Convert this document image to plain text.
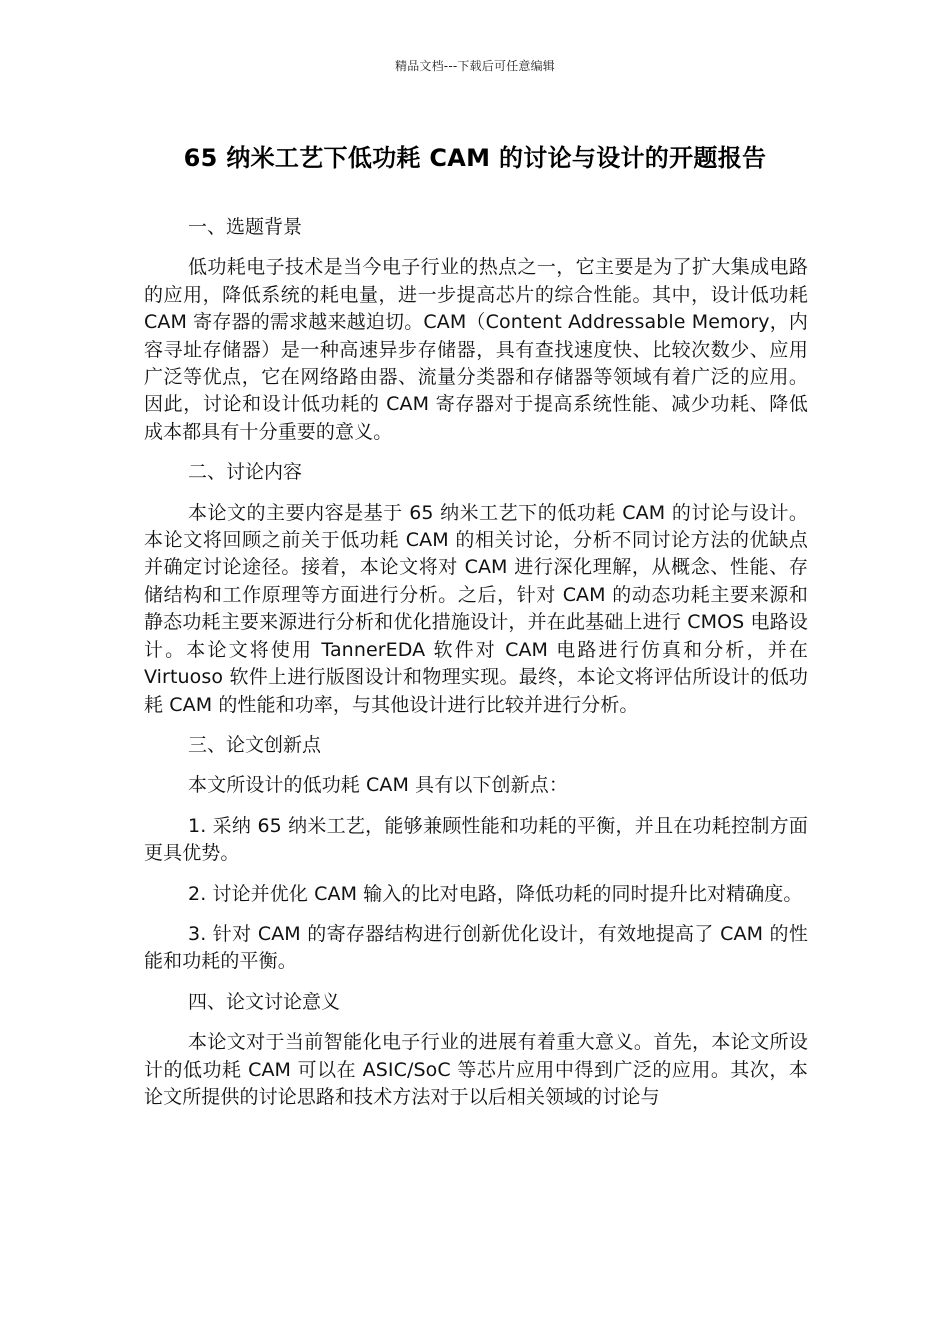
精品文档---下载后可任意编辑
65 纳米工艺下低功耗 CAM 的讨论与设计的开题报告

一、选题背景

低功耗电子技术是当今电子行业的热点之一，它主要是为了扩大集成电路的应用，降低系统的耗电量，进一步提高芯片的综合性能。其中，设计低功耗 CAM 寄存器的需求越来越迫切。CAM（Content Addressable Memory，内容寻址存储器）是一种高速异步存储器，具有查找速度快、比较次数少、应用广泛等优点，它在网络路由器、流量分类器和存储器等领域有着广泛的应用。因此，讨论和设计低功耗的 CAM 寄存器对于提高系统性能、减少功耗、降低成本都具有十分重要的意义。

二、讨论内容

本论文的主要内容是基于 65 纳米工艺下的低功耗 CAM 的讨论与设计。本论文将回顾之前关于低功耗 CAM 的相关讨论，分析不同讨论方法的优缺点并确定讨论途径。接着，本论文将对 CAM 进行深化理解，从概念、性能、存储结构和工作原理等方面进行分析。之后，针对 CAM 的动态功耗主要来源和静态功耗主要来源进行分析和优化措施设计，并在此基础上进行 CMOS 电路设计。本论文将使用 TannerEDA 软件对 CAM 电路进行仿真和分析，并在 Virtuoso 软件上进行版图设计和物理实现。最终，本论文将评估所设计的低功耗 CAM 的性能和功率，与其他设计进行比较并进行分析。

三、论文创新点

本文所设计的低功耗 CAM 具有以下创新点：

1. 采纳 65 纳米工艺，能够兼顾性能和功耗的平衡，并且在功耗控制方面更具优势。

2. 讨论并优化 CAM 输入的比对电路，降低功耗的同时提升比对精确度。

3. 针对 CAM 的寄存器结构进行创新优化设计，有效地提高了 CAM 的性能和功耗的平衡。

四、论文讨论意义

本论文对于当前智能化电子行业的进展有着重大意义。首先，本论文所设计的低功耗 CAM 可以在 ASIC/SoC 等芯片应用中得到广泛的应用。其次，本论文所提供的讨论思路和技术方法对于以后相关领域的讨论与
